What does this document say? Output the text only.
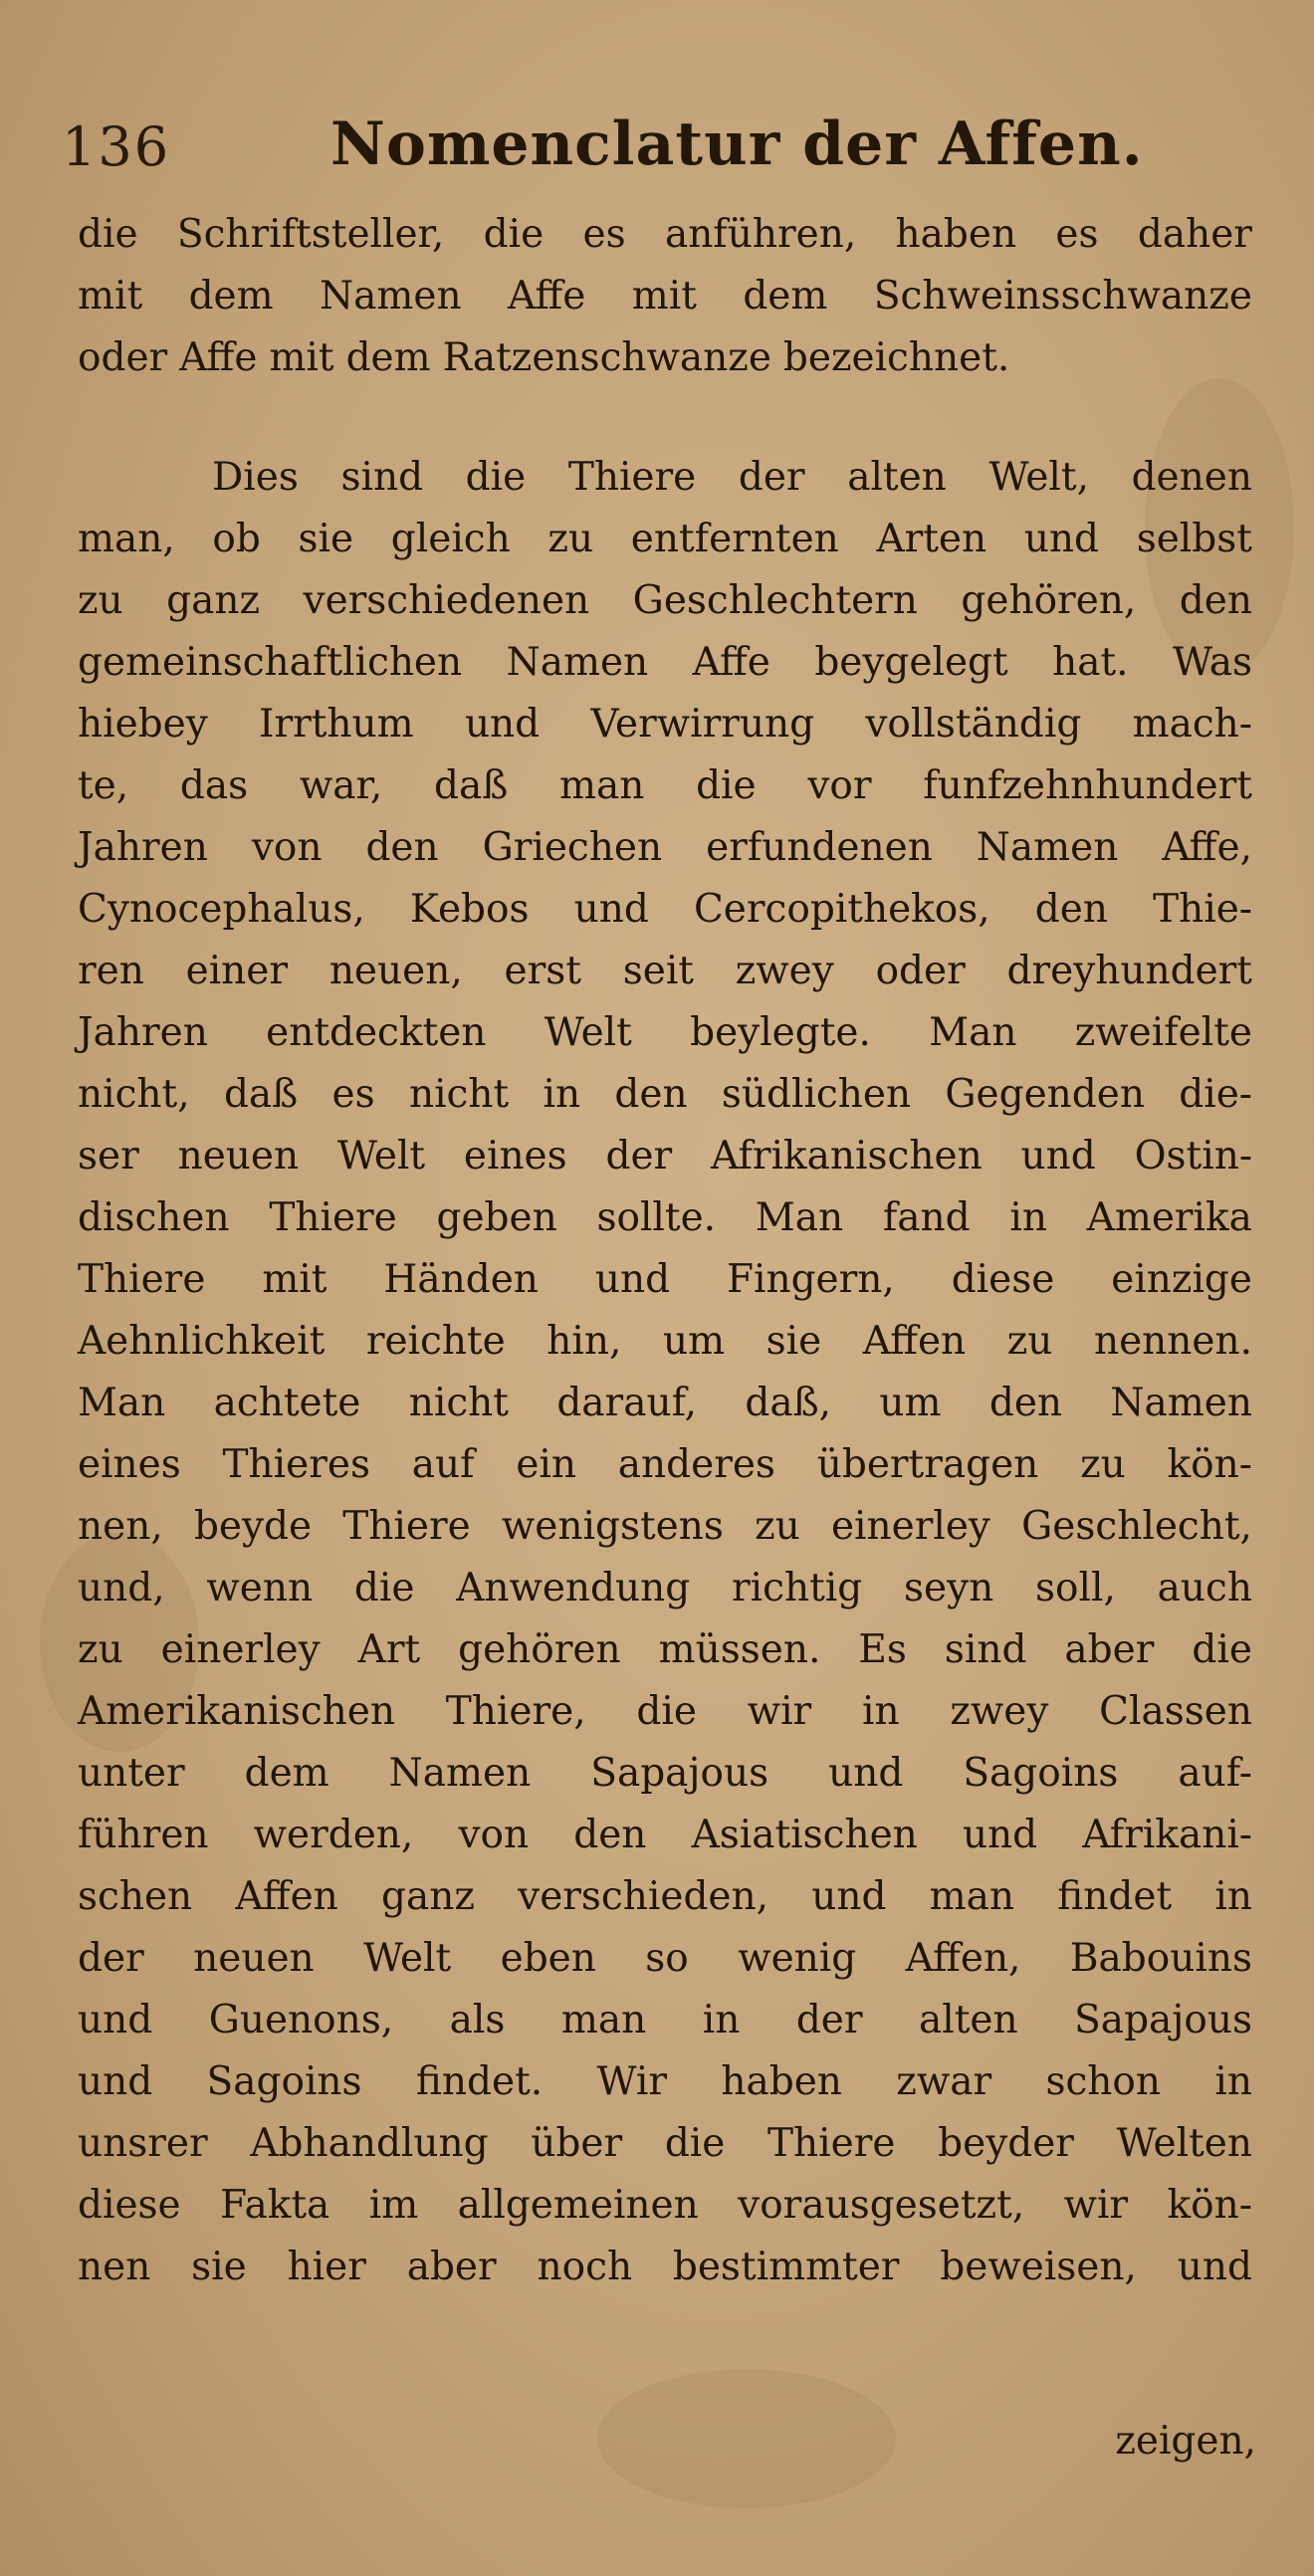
136	Nomenclatur der Affen.
die Schriftsteller, die es anführen, haben es daher
mit dem Namen Affe mit dem Schweinsschwanze
oder Affe mit dem Ratzenschwanze bezeichnet.
Dies sind die Thiere der alten Welt, denen
man, ob sie gleich zu entfernten Arten und selbst
zu ganz verschiedenen Geschlechtern gehören, den
gemeinschaftlichen Namen Affe beygelegt hat. Was
hiebey Irrthum und Verwirrung vollständig mach-
te, das war, daß man die vor funfzehnhundert
Jahren von den Griechen erfundenen Namen Affe,
Cynocephalus, Kebos und Cercopithekos, den Thie-
ren einer neuen, erst seit zwey oder dreyhundert
Jahren entdeckten Welt beylegte. Man zweifelte
nicht, daß es nicht in den südlichen Gegenden die-
ser neuen Welt eines der Afrikanischen und Ostin-
dischen Thiere geben sollte. Man fand in Amerika
Thiere mit Händen und Fingern, diese einzige
Aehnlichkeit reichte hin, um sie Affen zu nennen.
Man achtete nicht darauf, daß, um den Namen
eines Thieres auf ein anderes übertragen zu kön-
nen, beyde Thiere wenigstens zu einerley Geschlecht,
und, wenn die Anwendung richtig seyn soll, auch
zu einerley Art gehören müssen. Es sind aber die
Amerikanischen Thiere, die wir in zwey Classen
unter dem Namen Sapajous und Sagoins auf-
führen werden, von den Asiatischen und Afrikani-
schen Affen ganz verschieden, und man findet in
der neuen Welt eben so wenig Affen, Babouins
und Guenons, als man in der alten Sapajous
und Sagoins findet. Wir haben zwar schon in
unsrer Abhandlung über die Thiere beyder Welten
diese Fakta im allgemeinen vorausgesetzt, wir kön-
nen sie hier aber noch bestimmter beweisen, und
zeigen,
